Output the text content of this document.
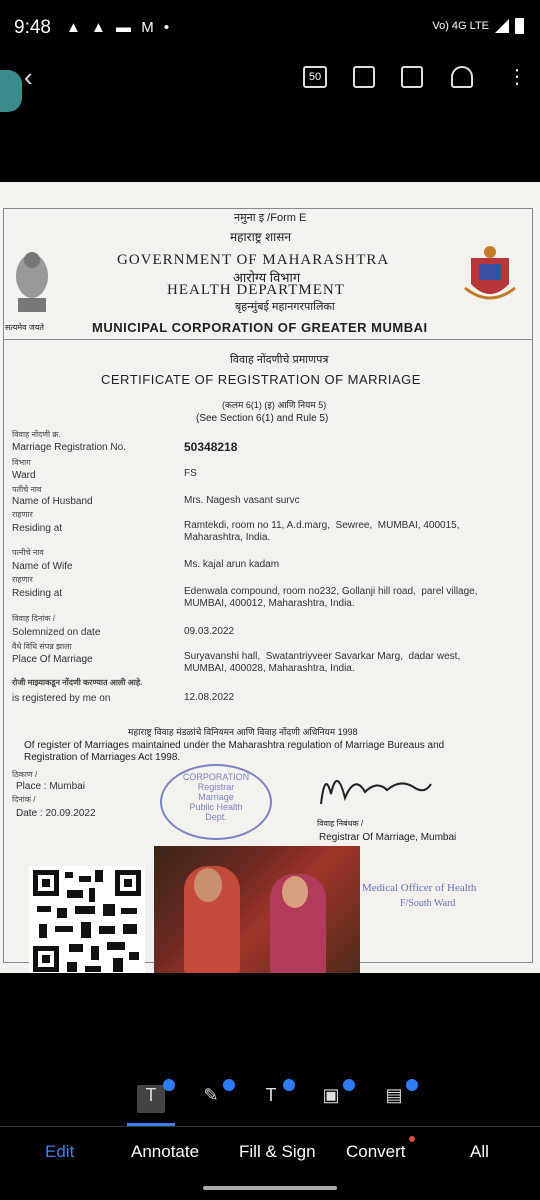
9:48 ▲ ▲ ▬ M •	Vo) 4G LTE
‹	50	⋮
नमुना इ /Form E
महाराष्ट्र शासन
GOVERNMENT OF MAHARASHTRA
आरोग्य विभाग
HEALTH DEPARTMENT
बृहन्मुंबई महानगरपालिका
MUNICIPAL CORPORATION OF GREATER MUMBAI
सत्यमेव जयते
विवाह नोंदणीचे प्रमाणपत्र
CERTIFICATE OF REGISTRATION OF MARRIAGE
(कलम 6(1) (इ) आणि नियम 5)
(See Section 6(1) and Rule 5)
विवाह नोंदणी क्र.
Marriage Registration No.	50348218
विभाग
Ward	FS
पतीचे नाव
Name of Husband	Mrs. Nagesh vasant survc
राहणार
Residing at	Ramtekdi, room no 11, A.d.marg,  Sewree,  MUMBAI, 400015,
Maharashtra, India.
पत्नीचे नाव
Name of Wife	Ms. kajal arun kadam
राहणार
Residing at	Edenwala compound, room no232, Gollanji hill road,  parel village,
MUMBAI, 400012, Maharashtra, India.
विवाह दिनांक /
Solemnized on date	09.03.2022
वैधे विधि संपन्न झाला
Place Of Marriage	Suryavanshi hall,  Swatantriyveer Savarkar Marg,  dadar west,
MUMBAI, 400028, Maharashtra, India.
रोजी माझ्याकडून नोंदणी करण्यात आली आहे.
is registered by me on	12.08.2022
महाराष्ट्र विवाह मंडळांचे विनियमन आणि विवाह नोंदणी अधिनियम 1998
Of register of Marriages maintained under the Maharashtra regulation of Marriage Bureaus and Registration of Marriages Act 1998.
ठिकाण /
Place : Mumbai
दिनांक /
Date : 20.09.2022
CORPORATION
Registrar
Marriage
Public Health
Dept.
विवाह निबंधक /
Registrar Of Marriage, Mumbai
Medical Officer of Health
F/South Ward
T	✎	T	▣	▤
Edit	Annotate Fill & Sign Convert	All
